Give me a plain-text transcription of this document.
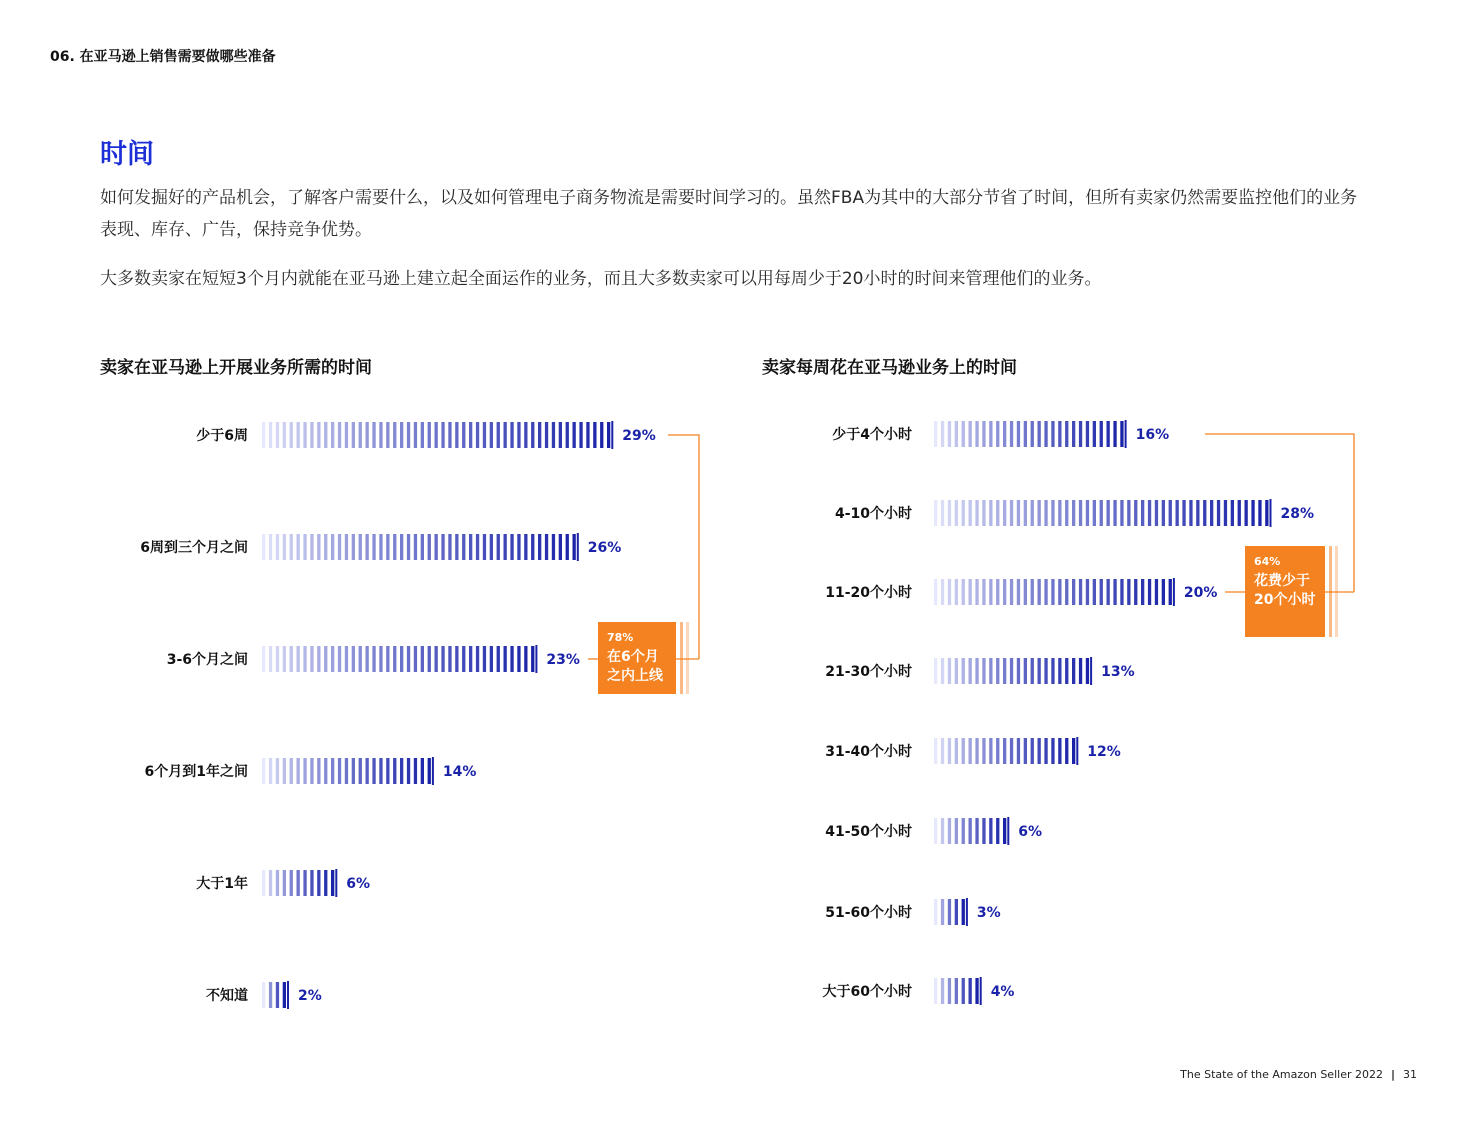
06. 在亚马逊上销售需要做哪些准备
时间
如何发掘好的产品机会，了解客户需要什么，以及如何管理电子商务物流是需要时间学习的。虽然FBA为其中的大部分节省了时间，但所有卖家仍然需要监控他们的业务表现、库存、广告，保持竞争优势。
大多数卖家在短短3个月内就能在亚马逊上建立起全面运作的业务，而且大多数卖家可以用每周少于20小时的时间来管理他们的业务。
卖家在亚马逊上开展业务所需的时间	卖家每周花在亚马逊业务上的时间
少于6周	29%
6周到三个月之间	26%
3-6个月之间	23%
6个月到1年之间	14%
大于1年	6%
不知道	2%
78%
在6个月
之内上线
少于4个小时	16%
4-10个小时	28%
11-20个小时	20%
21-30个小时	13%
31-40个小时	12%
41-50个小时	6%
51-60个小时	3%
大于60个小时	4%
64%
花费少于
20个小时
The State of the Amazon Seller 2022 | 31
